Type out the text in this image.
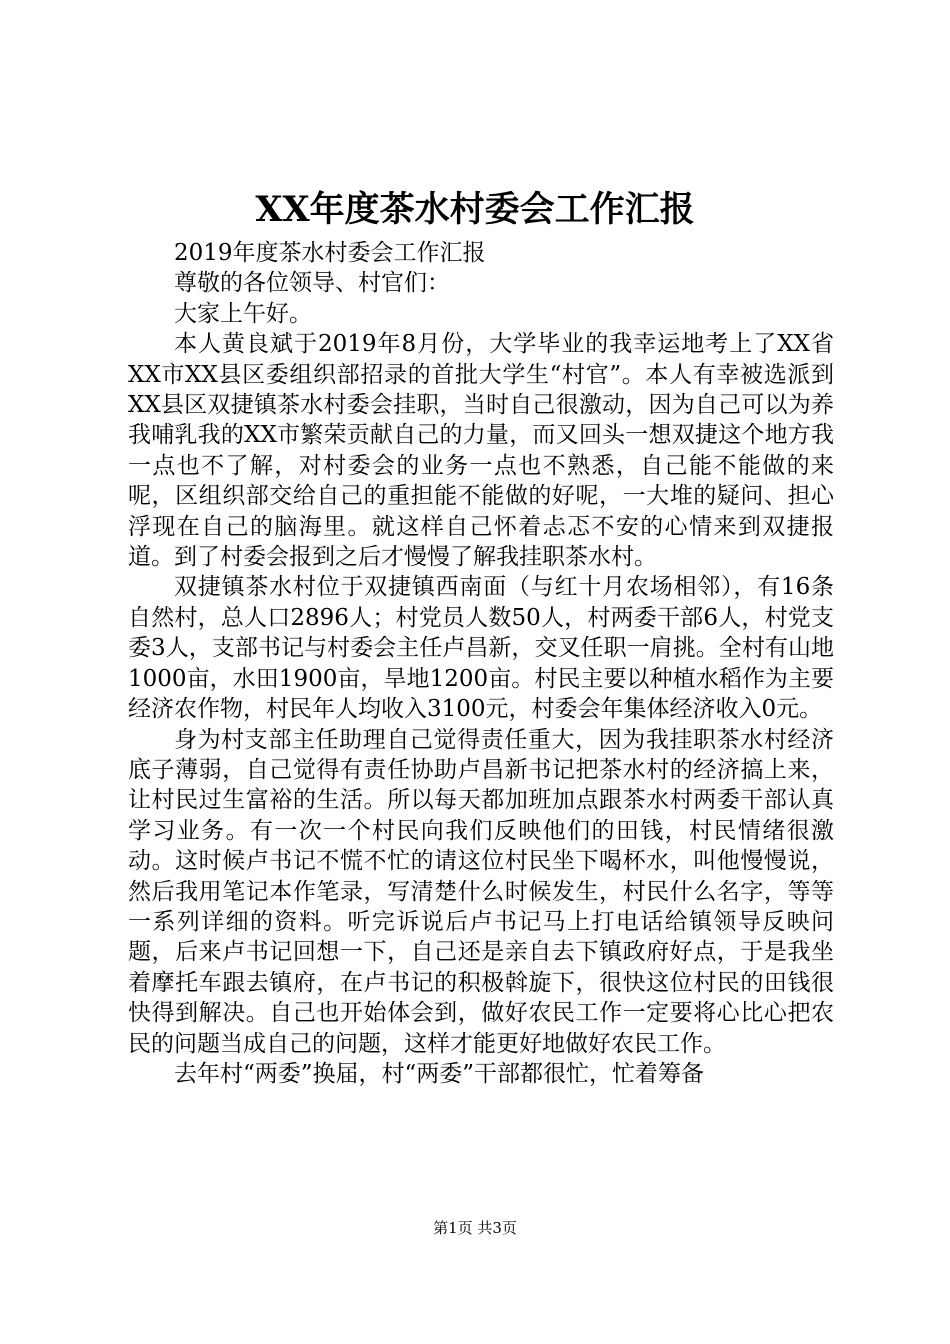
XX年度茶水村委会工作汇报

2019年度茶水村委会工作汇报

尊敬的各位领导、村官们：

大家上午好。

本人黄良斌于2019年8月份，大学毕业的我幸运地考上了XX省XX市XX县区委组织部招录的首批大学生“村官”。本人有幸被选派到XX县区双捷镇茶水村委会挂职，当时自己很激动，因为自己可以为养我哺乳我的XX市繁荣贡献自己的力量，而又回头一想双捷这个地方我一点也不了解，对村委会的业务一点也不熟悉，自己能不能做的来呢，区组织部交给自己的重担能不能做的好呢，一大堆的疑问、担心浮现在自己的脑海里。就这样自己怀着忐忑不安的心情来到双捷报道。到了村委会报到之后才慢慢了解我挂职茶水村。

双捷镇茶水村位于双捷镇西南面（与红十月农场相邻），有16条自然村，总人口2896人；村党员人数50人，村两委干部6人，村党支委3人，支部书记与村委会主任卢昌新，交叉任职一肩挑。全村有山地1000亩，水田1900亩，旱地1200亩。村民主要以种植水稻作为主要经济农作物，村民年人均收入3100元，村委会年集体经济收入0元。

身为村支部主任助理自己觉得责任重大，因为我挂职茶水村经济底子薄弱，自己觉得有责任协助卢昌新书记把茶水村的经济搞上来，让村民过生富裕的生活。所以每天都加班加点跟茶水村两委干部认真学习业务。有一次一个村民向我们反映他们的田钱，村民情绪很激动。这时候卢书记不慌不忙的请这位村民坐下喝杯水，叫他慢慢说，然后我用笔记本作笔录，写清楚什么时候发生，村民什么名字，等等一系列详细的资料。听完诉说后卢书记马上打电话给镇领导反映问题，后来卢书记回想一下，自己还是亲自去下镇政府好点，于是我坐着摩托车跟去镇府，在卢书记的积极斡旋下，很快这位村民的田钱很快得到解决。自己也开始体会到，做好农民工作一定要将心比心把农民的问题当成自己的问题，这样才能更好地做好农民工作。

去年村“两委”换届，村“两委”干部都很忙，忙着筹备

第1页 共3页
